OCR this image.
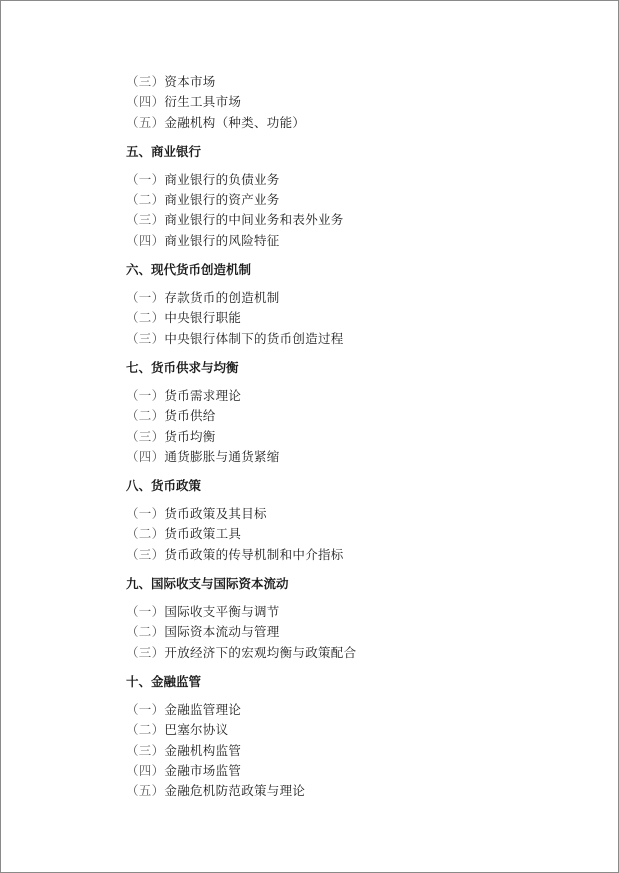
（三）资本市场
（四）衍生工具市场
（五）金融机构（种类、功能）
五、商业银行
（一）商业银行的负债业务
（二）商业银行的资产业务
（三）商业银行的中间业务和表外业务
（四）商业银行的风险特征
六、现代货币创造机制
（一）存款货币的创造机制
（二）中央银行职能
（三）中央银行体制下的货币创造过程
七、货币供求与均衡
（一）货币需求理论
（二）货币供给
（三）货币均衡
（四）通货膨胀与通货紧缩
八、货币政策
（一）货币政策及其目标
（二）货币政策工具
（三）货币政策的传导机制和中介指标
九、国际收支与国际资本流动
（一）国际收支平衡与调节
（二）国际资本流动与管理
（三）开放经济下的宏观均衡与政策配合
十、金融监管
（一）金融监管理论
（二）巴塞尔协议
（三）金融机构监管
（四）金融市场监管
（五）金融危机防范政策与理论
